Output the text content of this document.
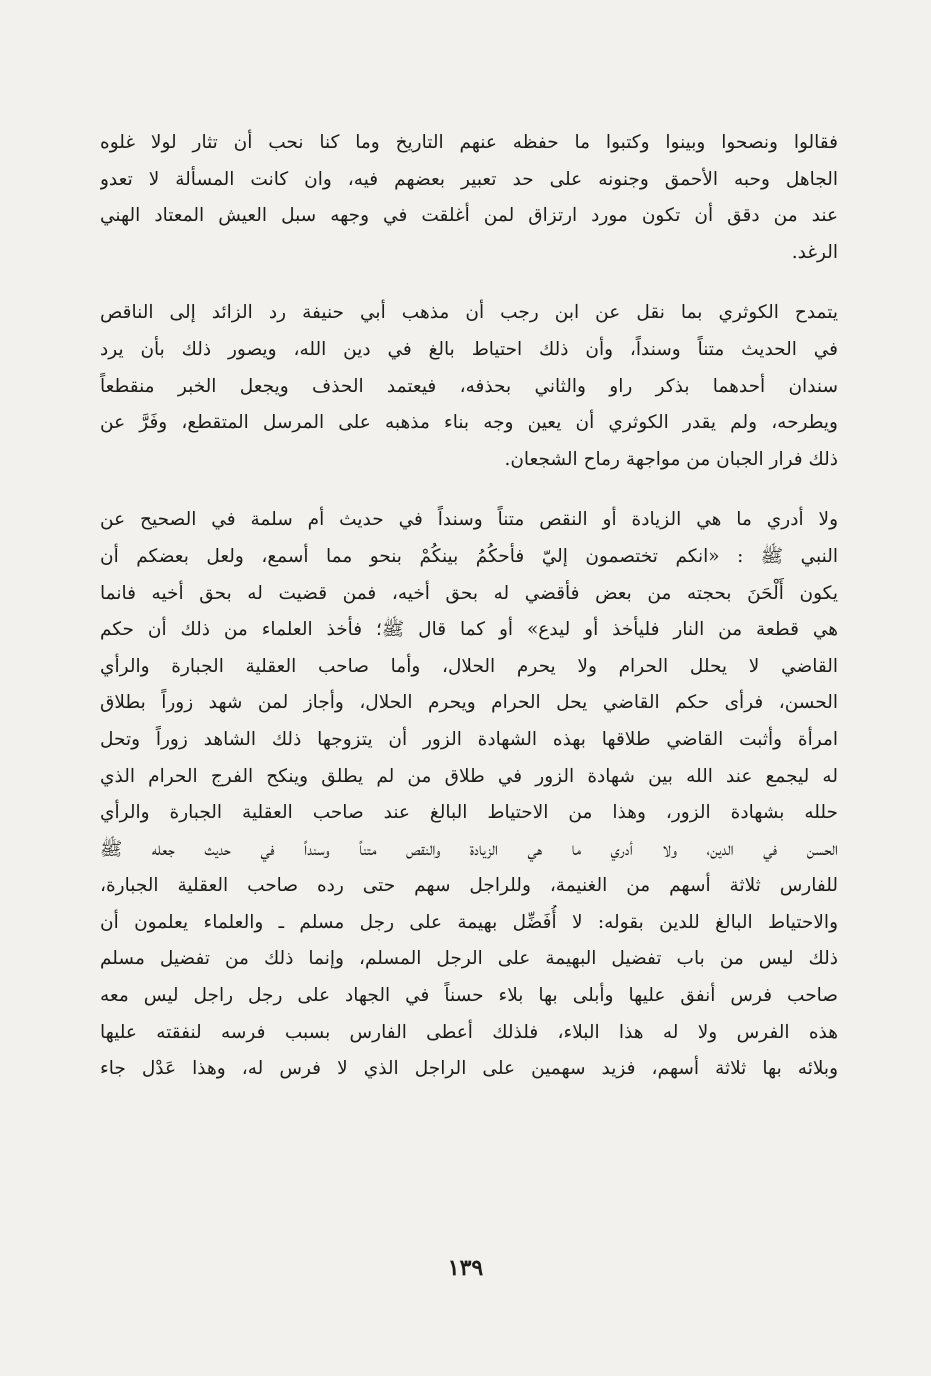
فقالوا ونصحوا وبينوا وكتبوا ما حفظه عنهم التاريخ وما كنا نحب أن تثار لولا غلوه
الجاهل وحبه الأحمق وجنونه على حد تعبير بعضهم فيه، وان كانت المسألة لا تعدو
عند من دقق أن تكون مورد ارتزاق لمن أغلقت في وجهه سبل العيش المعتاد الهني
الرغد.
يتمدح الكوثري بما نقل عن ابن رجب أن مذهب أبي حنيفة رد الزائد إلى الناقص
في الحديث متناً وسنداً، وأن ذلك احتياط بالغ في دين الله، ويصور ذلك بأن يرد
سندان أحدهما بذكر راو والثاني بحذفه، فيعتمد الحذف ويجعل الخبر منقطعاً
ويطرحه، ولم يقدر الكوثري أن يعين وجه بناء مذهبه على المرسل المتقطع، وفَرَّ عن
ذلك فرار الجبان من مواجهة رماح الشجعان.
ولا أدري ما هي الزيادة أو النقص متناً وسنداً في حديث أم سلمة في الصحيح عن
النبي ﷺ : «انكم تختصمون إليّ فأحكُمُ بينكُمْ بنحو مما أسمع، ولعل بعضكم أن
يكون أَلْحَنَ بحجته من بعض فأقضي له بحق أخيه، فمن قضيت له بحق أخيه فانما
هي قطعة من النار فليأخذ أو ليدع» أو كما قال ﷺ؛ فأخذ العلماء من ذلك أن حكم
القاضي لا يحلل الحرام ولا يحرم الحلال، وأما صاحب العقلية الجبارة والرأي
الحسن، فرأى حكم القاضي يحل الحرام ويحرم الحلال، وأجاز لمن شهد زوراً بطلاق
امرأة وأثبت القاضي طلاقها بهذه الشهادة الزور أن يتزوجها ذلك الشاهد زوراً وتحل
له ليجمع عند الله بين شهادة الزور في طلاق من لم يطلق وينكح الفرج الحرام الذي
حلله بشهادة الزور، وهذا من الاحتياط البالغ عند صاحب العقلية الجبارة والرأي
الحسن في الدين، ولا أدري ما هي الزيادة والنقص متناً وسنداً في حديث جعله ﷺ
للفارس ثلاثة أسهم من الغنيمة، وللراجل سهم حتى رده صاحب العقلية الجبارة،
والاحتياط البالغ للدين بقوله: لا أُفَضِّل بهيمة على رجل مسلم ـ والعلماء يعلمون أن
ذلك ليس من باب تفضيل البهيمة على الرجل المسلم، وإنما ذلك من تفضيل مسلم
صاحب فرس أنفق عليها وأبلى بها بلاء حسناً في الجهاد على رجل راجل ليس معه
هذه الفرس ولا له هذا البلاء، فلذلك أعطى الفارس بسبب فرسه لنفقته عليها
وبلائه بها ثلاثة أسهم، فزيد سهمين على الراجل الذي لا فرس له، وهذا عَدْل جاء
١٣٩
